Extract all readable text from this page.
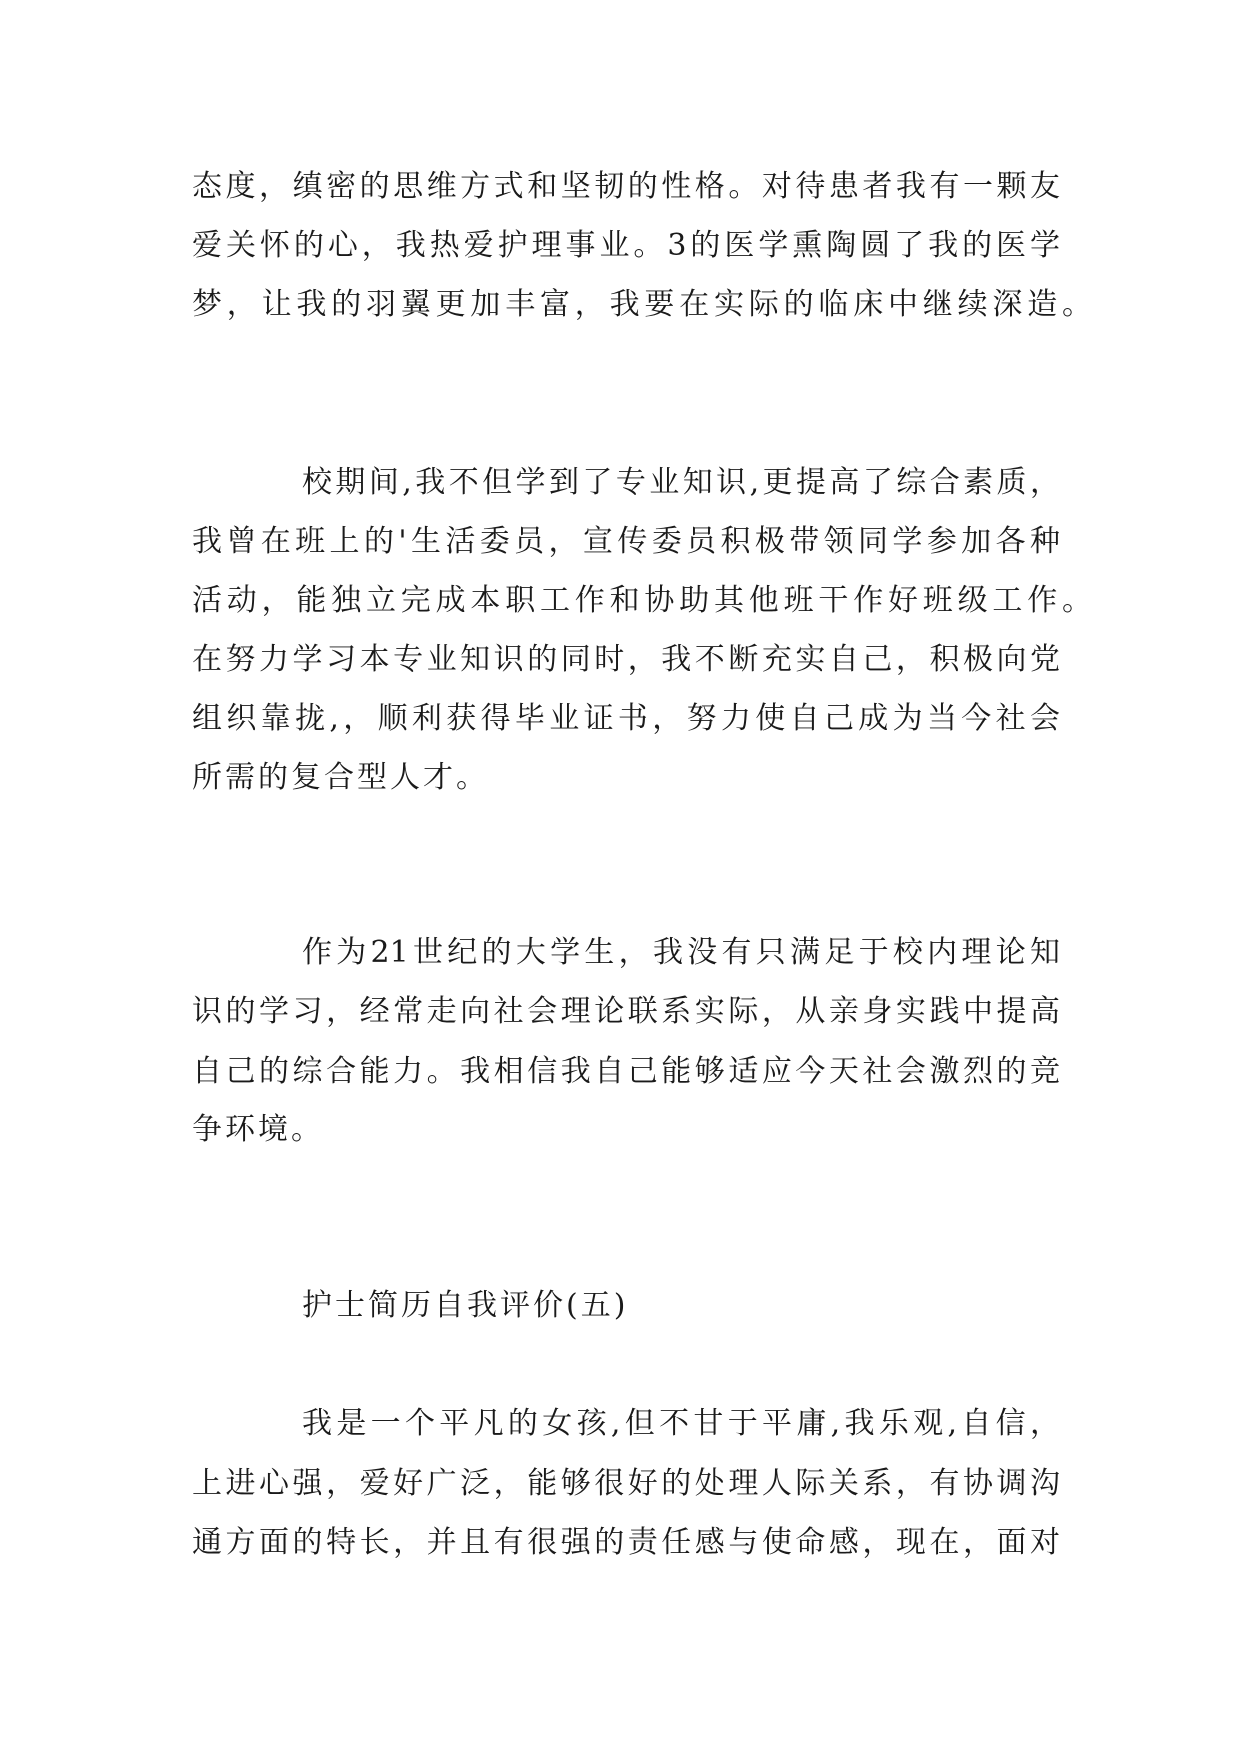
态度，缜密的思维方式和坚韧的性格。对待患者我有一颗友
爱关怀的心，我热爱护理事业。3的医学熏陶圆了我的医学
梦，让我的羽翼更加丰富，我要在实际的临床中继续深造。
校期间,我不但学到了专业知识,更提高了综合素质，
我曾在班上的'生活委员，宣传委员积极带领同学参加各种
活动，能独立完成本职工作和协助其他班干作好班级工作。
在努力学习本专业知识的同时，我不断充实自己，积极向党
组织靠拢,，顺利获得毕业证书，努力使自己成为当今社会
所需的复合型人才。
作为21世纪的大学生，我没有只满足于校内理论知
识的学习，经常走向社会理论联系实际，从亲身实践中提高
自己的综合能力。我相信我自己能够适应今天社会激烈的竞
争环境。
护士简历自我评价(五)
我是一个平凡的女孩,但不甘于平庸,我乐观,自信，
上进心强，爱好广泛，能够很好的处理人际关系，有协调沟
通方面的特长，并且有很强的责任感与使命感，现在，面对
